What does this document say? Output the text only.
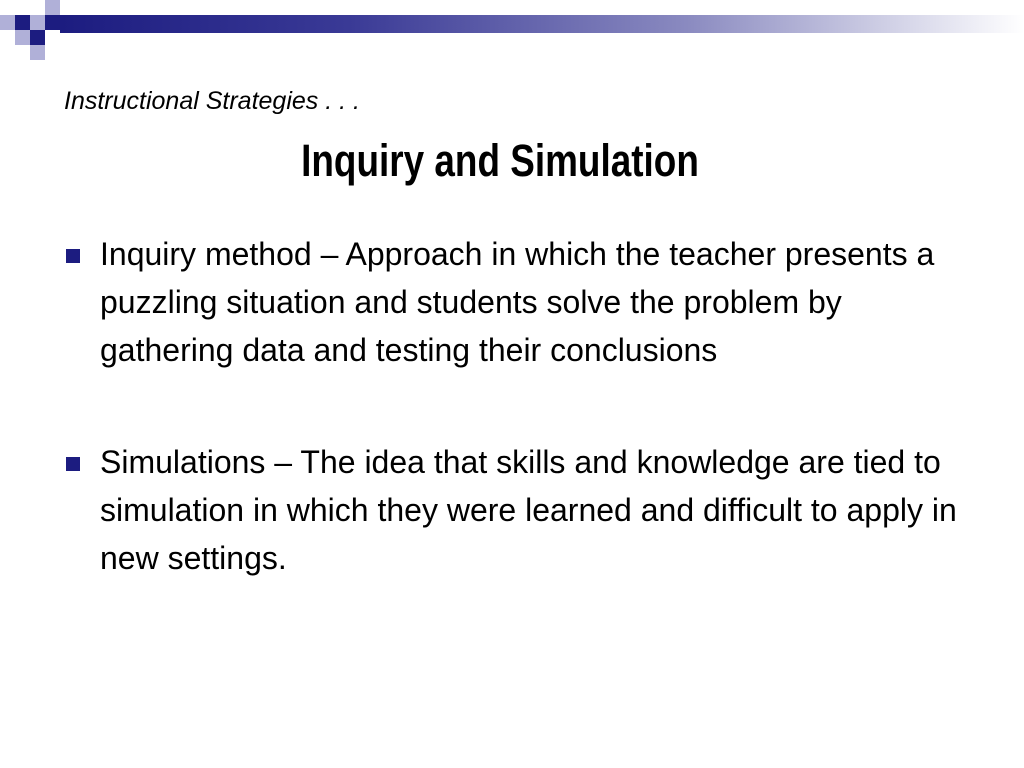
Instructional Strategies . . .
Inquiry and Simulation
Inquiry method – Approach in which the teacher presents a puzzling situation and students solve the problem by gathering data and testing their conclusions
Simulations – The idea that skills and knowledge are tied to simulation in which they were learned and difficult to apply in new settings.
